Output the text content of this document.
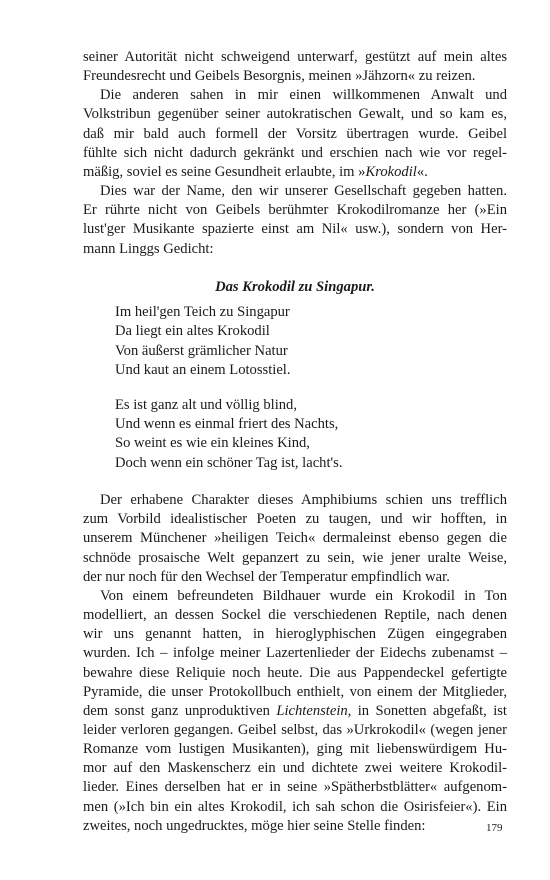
seiner Autorität nicht schweigend unterwarf, gestützt auf mein altes
Freundesrecht und Geibels Besorgnis, meinen »Jähzorn« zu reizen.
Die anderen sahen in mir einen willkommenen Anwalt und
Volkstribun gegenüber seiner autokratischen Gewalt, und so kam es,
daß mir bald auch formell der Vorsitz übertragen wurde. Geibel
fühlte sich nicht dadurch gekränkt und erschien nach wie vor regel-
mäßig, soviel es seine Gesundheit erlaubte, im »Krokodil«.
Dies war der Name, den wir unserer Gesellschaft gegeben hatten.
Er rührte nicht von Geibels berühmter Krokodilromanze her (»Ein
lust'ger Musikante spazierte einst am Nil« usw.), sondern von Her-
mann Linggs Gedicht:
Das Krokodil zu Singapur.
Im heil'gen Teich zu Singapur
Da liegt ein altes Krokodil
Von äußerst grämlicher Natur
Und kaut an einem Lotosstiel.
Es ist ganz alt und völlig blind,
Und wenn es einmal friert des Nachts,
So weint es wie ein kleines Kind,
Doch wenn ein schöner Tag ist, lacht's.
Der erhabene Charakter dieses Amphibiums schien uns trefflich
zum Vorbild idealistischer Poeten zu taugen, und wir hofften, in
unserem Münchener »heiligen Teich« dermaleinst ebenso gegen die
schnöde prosaische Welt gepanzert zu sein, wie jener uralte Weise,
der nur noch für den Wechsel der Temperatur empfindlich war.
Von einem befreundeten Bildhauer wurde ein Krokodil in Ton
modelliert, an dessen Sockel die verschiedenen Reptile, nach denen
wir uns genannt hatten, in hieroglyphischen Zügen eingegraben
wurden. Ich – infolge meiner Lazertenlieder der Eidechs zubenamst –
bewahre diese Reliquie noch heute. Die aus Pappendeckel gefertigte
Pyramide, die unser Protokollbuch enthielt, von einem der Mitglieder,
dem sonst ganz unproduktiven Lichtenstein, in Sonetten abgefaßt, ist
leider verloren gegangen. Geibel selbst, das »Urkrokodil« (wegen jener
Romanze vom lustigen Musikanten), ging mit liebenswürdigem Hu-
mor auf den Maskenscherz ein und dichtete zwei weitere Krokodil-
lieder. Eines derselben hat er in seine »Spätherbstblätter« aufgenom-
men (»Ich bin ein altes Krokodil, ich sah schon die Osirisfeier«). Ein
zweites, noch ungedrucktes, möge hier seine Stelle finden:	179
